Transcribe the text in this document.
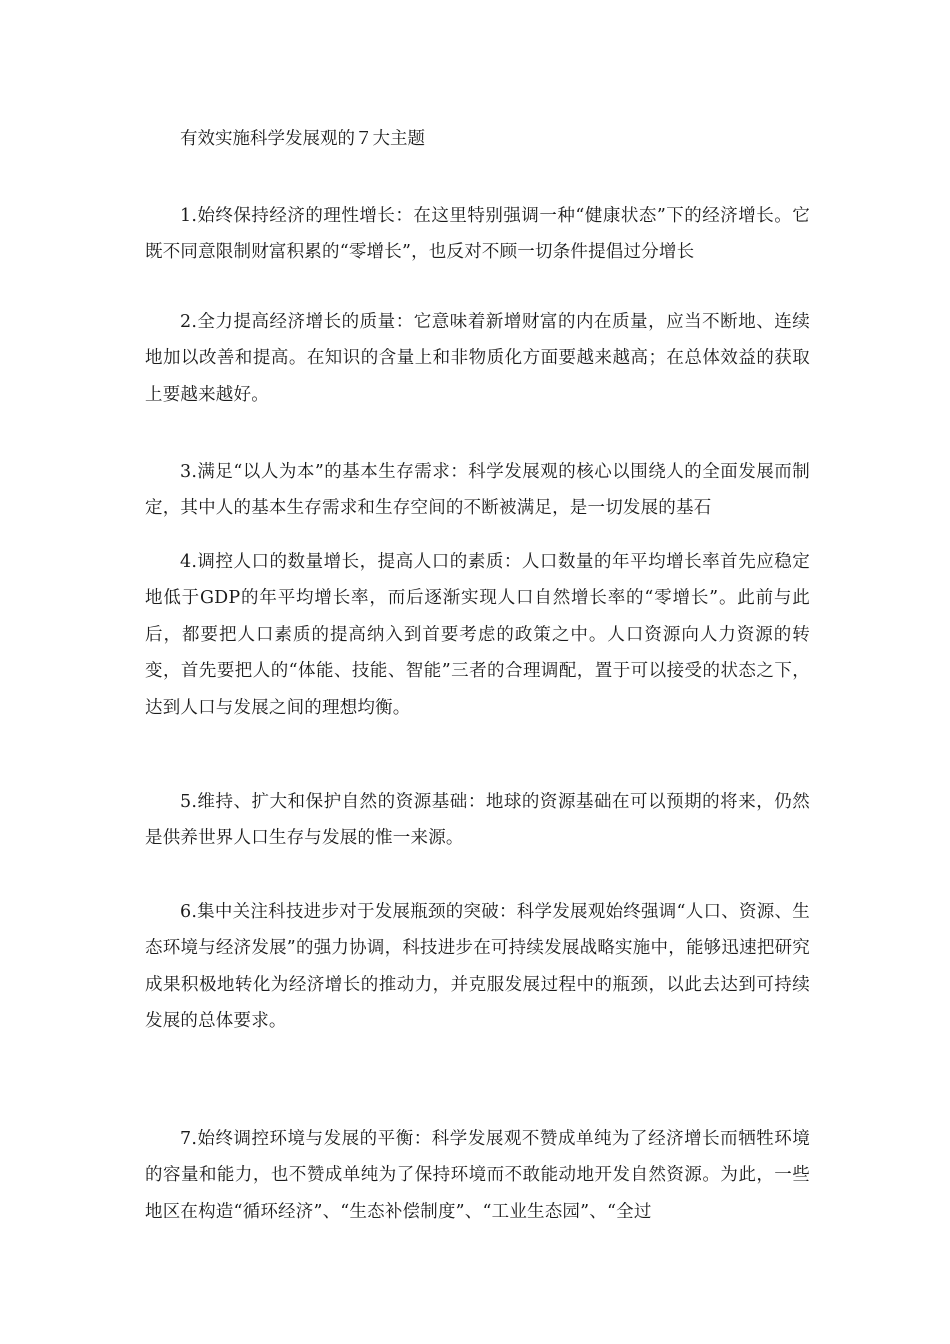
有效实施科学发展观的７大主题

1.始终保持经济的理性增长：在这里特别强调一种“健康状态”下的经济增长。它既不同意限制财富积累的“零增长”，也反对不顾一切条件提倡过分增长

2.全力提高经济增长的质量：它意味着新增财富的内在质量，应当不断地、连续地加以改善和提高。在知识的含量上和非物质化方面要越来越高；在总体效益的获取上要越来越好。

3.满足“以人为本”的基本生存需求：科学发展观的核心以围绕人的全面发展而制定，其中人的基本生存需求和生存空间的不断被满足，是一切发展的基石

4.调控人口的数量增长，提高人口的素质：人口数量的年平均增长率首先应稳定地低于GDP的年平均增长率，而后逐渐实现人口自然增长率的“零增长”。此前与此后，都要把人口素质的提高纳入到首要考虑的政策之中。人口资源向人力资源的转变，首先要把人的“体能、技能、智能”三者的合理调配，置于可以接受的状态之下，达到人口与发展之间的理想均衡。

5.维持、扩大和保护自然的资源基础：地球的资源基础在可以预期的将来，仍然是供养世界人口生存与发展的惟一来源。

6.集中关注科技进步对于发展瓶颈的突破：科学发展观始终强调“人口、资源、生态环境与经济发展”的强力协调，科技进步在可持续发展战略实施中，能够迅速把研究成果积极地转化为经济增长的推动力，并克服发展过程中的瓶颈，以此去达到可持续发展的总体要求。

7.始终调控环境与发展的平衡：科学发展观不赞成单纯为了经济增长而牺牲环境的容量和能力，也不赞成单纯为了保持环境而不敢能动地开发自然资源。为此，一些地区在构造“循环经济”、“生态补偿制度”、“工业生态园”、“全过
